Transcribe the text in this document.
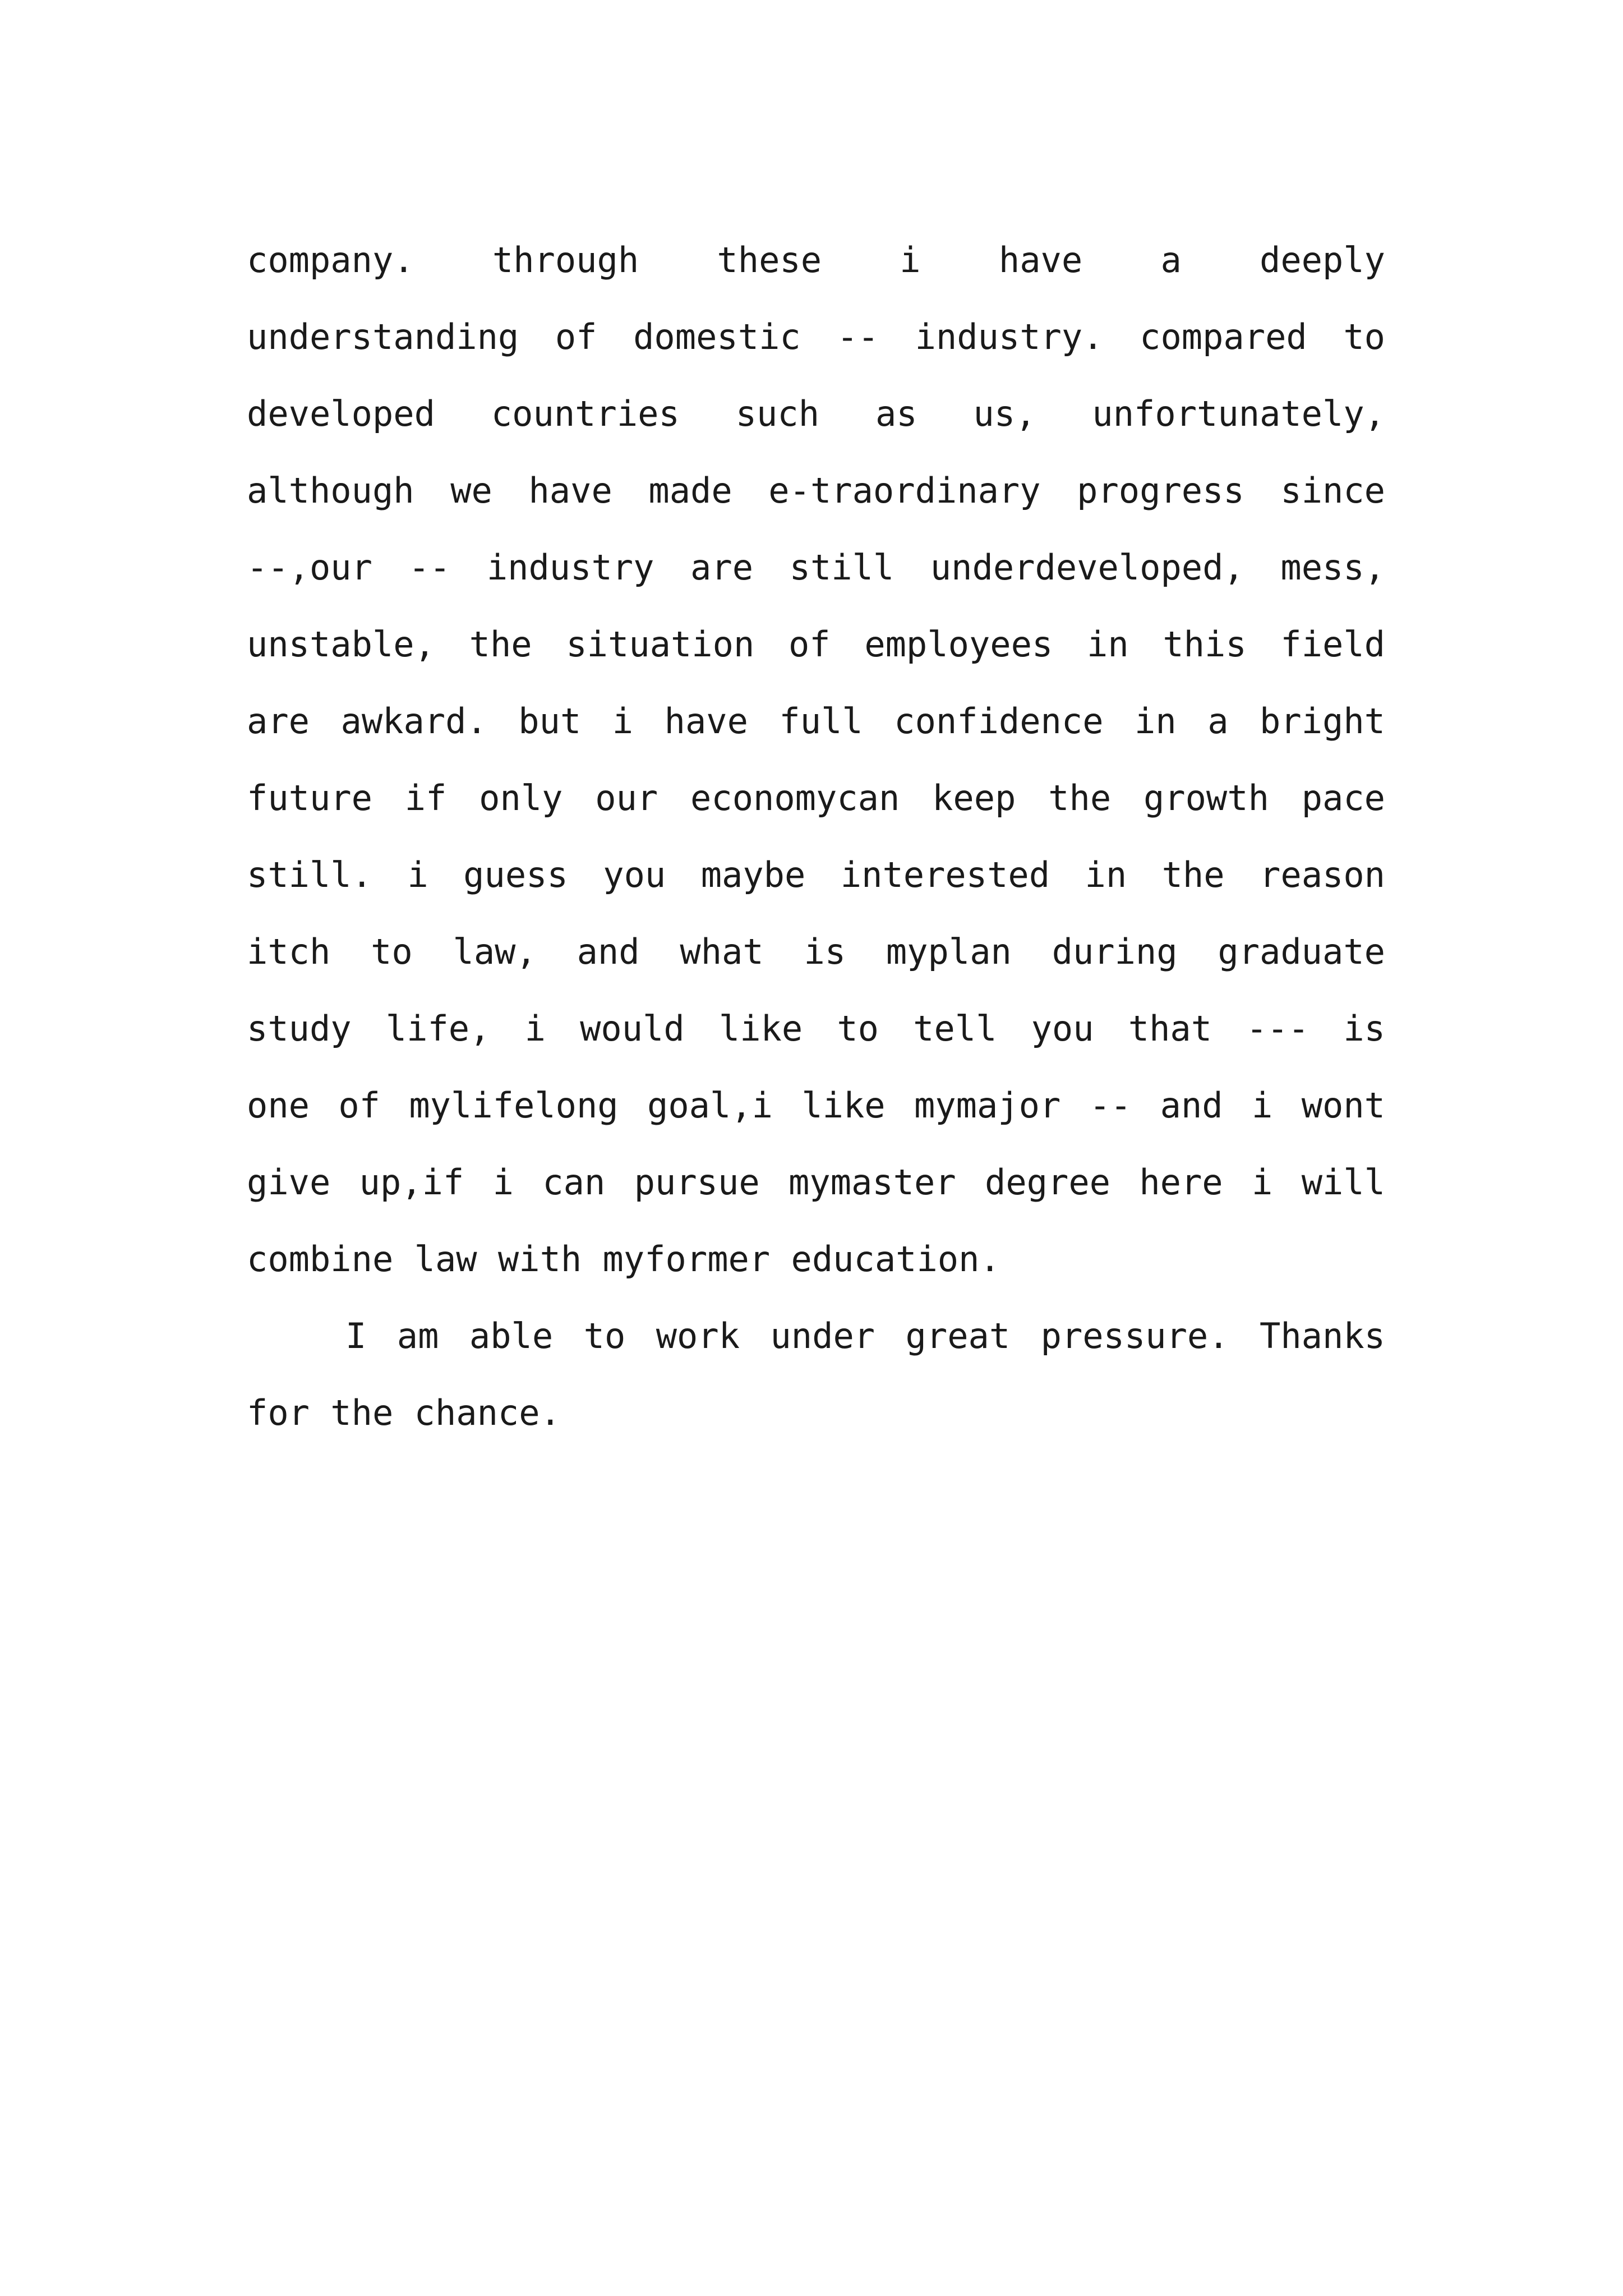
company. through these i have a deeply
understanding of domestic -- industry. compared to
developed countries such as us, unfortunately,
although we have made e-traordinary progress since
--,our -- industry are still underdeveloped, mess,
unstable, the situation of employees in this field
are awkard. but i have full confidence in a bright
future if only our economycan keep the growth pace
still. i guess you maybe interested in the reason
itch to law, and what is myplan during graduate
study life, i would like to tell you that --- is
one of mylifelong goal,i like mymajor -- and i wont
give up,if i can pursue mymaster degree here i will
combine law with myformer education.
I am able to work under great pressure. Thanks
for the chance.
